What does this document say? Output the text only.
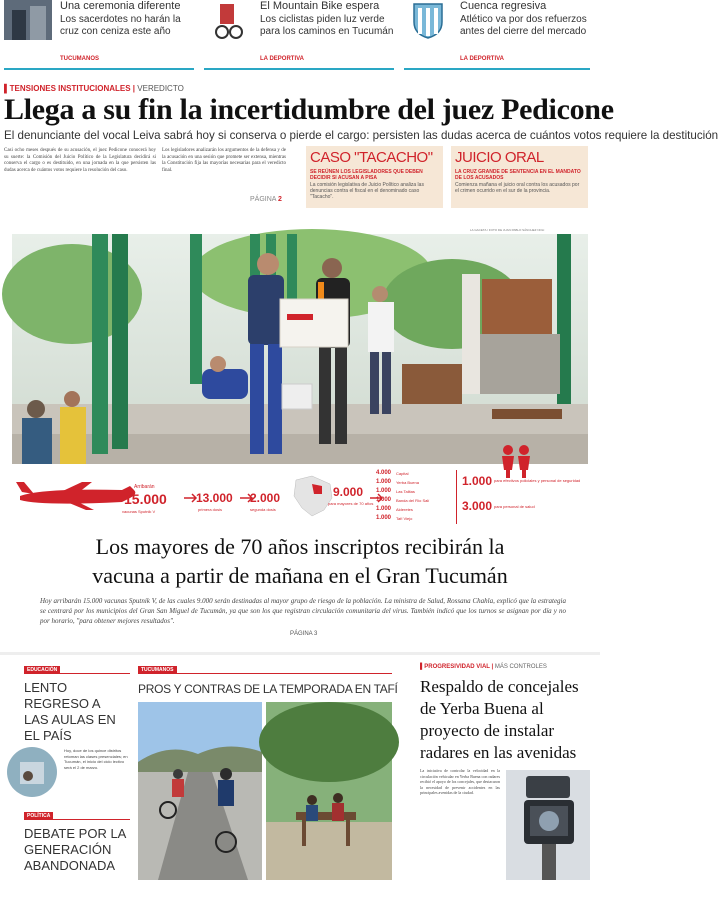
Una ceremonia diferente
Los sacerdotes no harán la cruz con ceniza este año
TUCUMANOS
El Mountain Bike espera
Los ciclistas piden luz verde para los caminos en Tucumán
LA DEPORTIVA
Cuenca regresiva
Atlético va por dos refuerzos antes del cierre del mercado
LA DEPORTIVA
▌TENSIONES INSTITUCIONALES | VEREDICTO
Llega a su fin la incertidumbre del juez Pedicone
El denunciante del vocal Leiva sabrá hoy si conserva o pierde el cargo: persisten las dudas acerca de cuántos votos requiere la destitución
Casi ocho meses después de su acusación, el juez Pedicone conocerá hoy su suerte: la Comisión del Juicio Político de la Legislatura decidirá si conserva el cargo o es destituido, en una jornada en la que persisten las dudas acerca de cuántos votos requiere la resolución del caso.
Los legisladores analizarán los argumentos de la defensa y de la acusación en una sesión que promete ser extensa, mientras la Constitución fija las mayorías necesarias para el veredicto final.
PÁGINA 2
CASO "TACACHO"
SE REÚNEN LOS LEGISLADORES QUE DEBEN DECIDIR SI ACUSAN A PISA
La comisión legislativa de Juicio Político analiza las denuncias contra el fiscal en el denominado caso "Tacacho".
JUICIO ORAL
LA CRUZ GRANDE DE SENTENCIA EN EL MANDATO DE LOS ACUSADOS
Comienza mañana el juicio oral contra los acusados por el crimen ocurrido en el sur de la provincia.
LA GACETA / FOTO DE JUAN PABLO SÁNCHEZ NOLI
Arribarán
15.000
vacunas Sputnik V
13.000
primera dosis
2.000
segunda dosis
9.000
para mayores de 70 años
4.000 Capital
1.000 Yerba Buena
1.000 Las Talitas
1.000 Banda del Río Salí
1.000 Alderetes
1.000 Tafí Viejo
1.000 para efectivos policiales y personal de seguridad
3.000 para personal de salud
Los mayores de 70 años inscriptos recibirán la
vacuna a partir de mañana en el Gran Tucumán
Hoy arribarán 15.000 vacunas Sputnik V, de las cuales 9.000 serán destinadas al mayor grupo de riesgo de la población. La ministra de Salud, Rossana Chahla, explicó que la estrategia se centrará por los municipios del Gran San Miguel de Tucumán, ya que son los que registran circulación comunitaria del virus. También indicó que los turnos se asignan por día y no por horario, "para obtener mejores resultados".
PÁGINA 3
EDUCACIÓN
LENTO REGRESO A LAS AULAS EN EL PAÍS
Hoy, doce de los quince distritos retoman las clases presenciales; en Tucumán, el inicio del ciclo lectivo será el 2 de marzo.
POLÍTICA
DEBATE POR LA GENERACIÓN ABANDONADA
TUCUMANOS
PROS Y CONTRAS DE LA TEMPORADA EN TAFÍ
▌PROGRESIVIDAD VIAL | MÁS CONTROLES
Respaldo de concejales de Yerba Buena al proyecto de instalar radares en las avenidas
La iniciativa de controlar la velocidad en la circulación vehicular en Yerba Buena con radares recibió el apoyo de los concejales, que destacaron la necesidad de prevenir accidentes en las principales avenidas de la ciudad.
